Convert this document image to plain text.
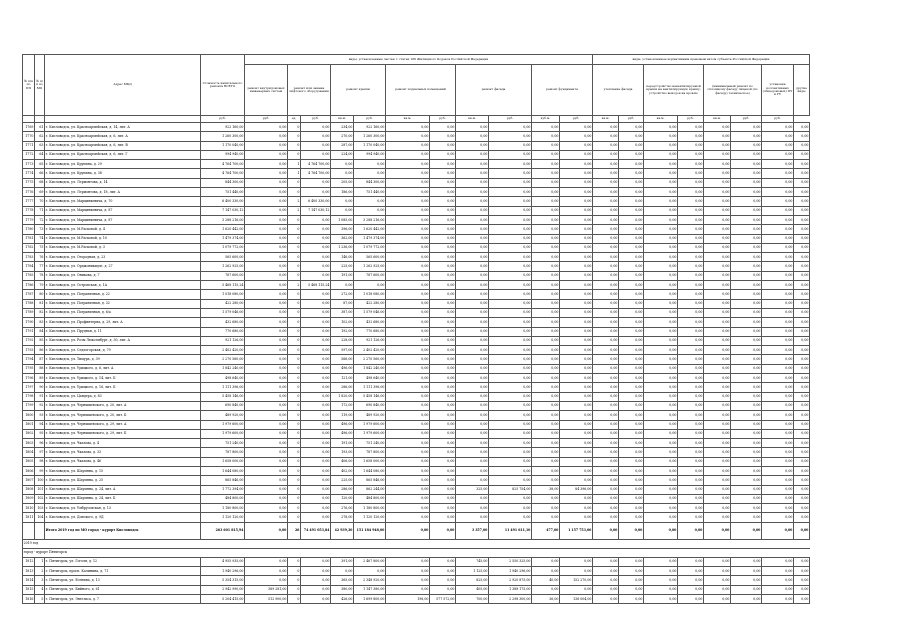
№ п/п по ПП	№ п/п по МО	Адрес МКД	Стоимость капитального ремонта ВСЕГО	виды, установленные частью 1 статьи 166 Жилищного Кодекса Российской Федерации											виды, установленные нормативным правовым актом субъекта Российской Федерации							
				ремонт внутридомовых инженерных систем	ремонт или замена лифтового оборудования		ремонт крыши		ремонт подвальных помещений		ремонт фасада		ремонт фундамента		утепление фасада		переустройство невентилируемой крыши на вентилируемую крышу, устройство выходов на кровлю		(минимальный ремонт по сплошному фасаду лицевой (по фасаду) техническое)		установка коллективных (общедомовых) ПУ и УУ	другие виды
			руб.	руб.	ед.	руб.	кв.м.	руб.	кв.м.	руб.	кв.м.	руб.	куб.м.	руб.	кв.м.	руб.	кв.м.	руб.	кв.м.	руб.	руб.	
1769	61	г. Кисловодск, ул. Красноармейская, д. 14, лит. А	922 160,00	0,00	0	0,00	234,00	922 160,00	0,00	0,00	0,00	0,00	0,00	0,00	0,00	0,00	0,00	0,00	0,00	0,00	0,00	0,00
1770	62	г. Кисловодск, ул. Красноармейская, д. 6, лит. А	1 260 300,00	0,00	0	0,00	270,00	1 260 300,00	0,00	0,00	0,00	0,00	0,00	0,00	0,00	0,00	0,00	0,00	0,00	0,00	0,00	0,00
1771	63	г. Кисловодск, ул. Красноармейская, д. 6, лит. В	1 170 040,00	0,00	0	0,00	287,00	1 170 040,00	0,00	0,00	0,00	0,00	0,00	0,00	0,00	0,00	0,00	0,00	0,00	0,00	0,00	0,00
1772	64	г. Кисловодск, ул. Красноармейская, д. 6, лит. Г	994 940,00	0,00	0	0,00	224,00	994 940,00	0,00	0,00	0,00	0,00	0,00	0,00	0,00	0,00	0,00	0,00	0,00	0,00	0,00	0,00
1773	65	г. Кисловодск, ул. Крупина, д. 29	4 764 700,00	0,00	1	4 764 700,00	0,00	0,00	0,00	0,00	0,00	0,00	0,00	0,00	0,00	0,00	0,00	0,00	0,00	0,00	0,00	0,00
1774	66	г. Кисловодск, ул. Крупина, д. 38	4 764 700,00	0,00	1	4 764 700,00	0,00	0,00	0,00	0,00	0,00	0,00	0,00	0,00	0,00	0,00	0,00	0,00	0,00	0,00	0,00	0,00
1775	68	г. Кисловодск, ул. Лермонтова, д. 14	844 300,00	0,00	0	0,00	205,00	844 300,00	0,00	0,00	0,00	0,00	0,00	0,00	0,00	0,00	0,00	0,00	0,00	0,00	0,00	0,00
1776	69	г. Кисловодск, ул. Лермонтова, д. 18, лит. А	751 440,00	0,00	0	0,00	186,00	751 440,00	0,00	0,00	0,00	0,00	0,00	0,00	0,00	0,00	0,00	0,00	0,00	0,00	0,00	0,00
1777	70	г. Кисловодск, ул. Марцинкевича, д. 70	6 400 330,00	0,00	2	6 400 330,00	0,00	0,00	0,00	0,00	0,00	0,00	0,00	0,00	0,00	0,00	0,00	0,00	0,00	0,00	0,00	0,00
1778	71	г. Кисловодск, ул. Марцинкевича, д. 87	7 147 030,12	0,00	2	7 147 030,12	0,00	0,00	0,00	0,00	0,00	0,00	0,00	0,00	0,00	0,00	0,00	0,00	0,00	0,00	0,00	0,00
1779	72	г. Кисловодск, ул. Марцинкевича, д. 87	3 288 216,00	0,00	0	0,00	1 085,00	3 288 216,00	0,00	0,00	0,00	0,00	0,00	0,00	0,00	0,00	0,00	0,00	0,00	0,00	0,00	0,00
1780	73	г. Кисловодск, ул. М.Расковой, д. 4	1 620 442,00	0,00	0	0,00	396,00	1 620 442,00	0,00	0,00	0,00	0,00	0,00	0,00	0,00	0,00	0,00	0,00	0,00	0,00	0,00	0,00
1781	74	г. Кисловодск, ул. М.Расковой, д. 10	1 479 374,00	0,00	0	0,00	362,00	1 479 374,00	0,00	0,00	0,00	0,00	0,00	0,00	0,00	0,00	0,00	0,00	0,00	0,00	0,00	0,00
1782	75	г. Кисловодск, ул. М.Расковой, д. 3	1 079 772,00	0,00	0	0,00	1 236,00	1 079 772,00	0,00	0,00	0,00	0,00	0,00	0,00	0,00	0,00	0,00	0,00	0,00	0,00	0,00	0,00
1783	76	г. Кисловодск, ул. Огородная, д. 23	565 600,00	0,00	0	0,00	146,00	565 600,00	0,00	0,00	0,00	0,00	0,00	0,00	0,00	0,00	0,00	0,00	0,00	0,00	0,00	0,00
1784	77	г. Кисловодск, ул. Орджоникидзе, д. 27	1 262 925,00	0,00	0	0,00	225,00	1 262 925,00	0,00	0,00	0,00	0,00	0,00	0,00	0,00	0,00	0,00	0,00	0,00	0,00	0,00	0,00
1785	78	г. Кисловодск, ул. Оникова, д. 7	787 600,00	0,00	0	0,00	191,00	787 600,00	0,00	0,00	0,00	0,00	0,00	0,00	0,00	0,00	0,00	0,00	0,00	0,00	0,00	0,00
1786	79	г. Кисловодск, ул. Островская, д. 1А	5 468 115,24	0,00	2	5 468 115,24	0,00	0,00	0,00	0,00	0,00	0,00	0,00	0,00	0,00	0,00	0,00	0,00	0,00	0,00	0,00	0,00
1787	80	г. Кисловодск, ул. Пограничная, д. 22	1 018 080,00	0,00	0	0,00	272,00	1 018 080,00	0,00	0,00	0,00	0,00	0,00	0,00	0,00	0,00	0,00	0,00	0,00	0,00	0,00	0,00
1788	81	г. Кисловодск, ул. Пограничная, д. 32	422 280,00	0,00	0	0,00	87,00	422 280,00	0,00	0,00	0,00	0,00	0,00	0,00	0,00	0,00	0,00	0,00	0,00	0,00	0,00	0,00
1789	82	г. Кисловодск, ул. Пограничная, д. 6/a	1 579 046,00	0,00	0	0,00	387,00	1 579 046,00	0,00	0,00	0,00	0,00	0,00	0,00	0,00	0,00	0,00	0,00	0,00	0,00	0,00	0,00
1790	83	г. Кисловодск, ул. Профинтерна, д. 29, лит. А	432 680,00	0,00	0	0,00	102,00	432 680,00	0,00	0,00	0,00	0,00	0,00	0,00	0,00	0,00	0,00	0,00	0,00	0,00	0,00	0,00
1791	84	г. Кисловодск, ул. Прудная, д. 11	770 680,00	0,00	0	0,00	192,00	770 680,00	0,00	0,00	0,00	0,00	0,00	0,00	0,00	0,00	0,00	0,00	0,00	0,00	0,00	0,00
1792	85	г. Кисловодск, ул. Розы Люксембург, д. 30, лит. А	921 126,00	0,00	0	0,00	228,00	921 126,00	0,00	0,00	0,00	0,00	0,00	0,00	0,00	0,00	0,00	0,00	0,00	0,00	0,00	0,00
1793	86	г. Кисловодск, ул. Седлогорская, д. 79	2 402 420,00	0,00	0	0,00	597,00	2 402 420,00	0,00	0,00	0,00	0,00	0,00	0,00	0,00	0,00	0,00	0,00	0,00	0,00	0,00	0,00
1794	87	г. Кисловодск, ул. Тимура, д. 39	2 270 560,00	0,00	0	0,00	566,00	2 270 560,00	0,00	0,00	0,00	0,00	0,00	0,00	0,00	0,00	0,00	0,00	0,00	0,00	0,00	0,00
1795	88	г. Кисловодск, ул. Урицкого, д. 6, лит. А	1 842 240,00	0,00	0	0,00	496,00	1 842 240,00	0,00	0,00	0,00	0,00	0,00	0,00	0,00	0,00	0,00	0,00	0,00	0,00	0,00	0,00
1796	89	г. Кисловодск, ул. Урицкого, д. 14, лит. Б	498 640,00	0,00	0	0,00	121,00	498 640,00	0,00	0,00	0,00	0,00	0,00	0,00	0,00	0,00	0,00	0,00	0,00	0,00	0,00	0,00
1797	90	г. Кисловодск, ул. Урицкого, д. 16, лит. Б	1 111 396,00	0,00	0	0,00	286,00	1 111 396,00	0,00	0,00	0,00	0,00	0,00	0,00	0,00	0,00	0,00	0,00	0,00	0,00	0,00	0,00
1798	91	г. Кисловодск, ул. Цандера, д. 83	5 458 146,00	0,00	0	0,00	1 820,00	5 458 146,00	0,00	0,00	0,00	0,00	0,00	0,00	0,00	0,00	0,00	0,00	0,00	0,00	0,00	0,00
1799	92	г. Кисловодск, ул. Чернышевского, д. 20, лит. А	690 840,00	0,00	0	0,00	172,00	690 840,00	0,00	0,00	0,00	0,00	0,00	0,00	0,00	0,00	0,00	0,00	0,00	0,00	0,00	0,00
1800	93	г. Кисловодск, ул. Чернышевского, д. 20, лит. Б	489 920,00	0,00	0	0,00	119,00	489 920,00	0,00	0,00	0,00	0,00	0,00	0,00	0,00	0,00	0,00	0,00	0,00	0,00	0,00	0,00
1801	94	г. Кисловодск, ул. Чернышевского, д. 29, лит. А	1 979 600,00	0,00	0	0,00	496,00	1 979 600,00	0,00	0,00	0,00	0,00	0,00	0,00	0,00	0,00	0,00	0,00	0,00	0,00	0,00	0,00
1802	95	г. Кисловодск, ул. Чернышевского, д. 29, лит. Б	1 979 600,00	0,00	0	0,00	496,00	1 979 600,00	0,00	0,00	0,00	0,00	0,00	0,00	0,00	0,00	0,00	0,00	0,00	0,00	0,00	0,00
1803	96	г. Кисловодск, ул. Чкалова, д. 4	751 240,00	0,00	0	0,00	191,00	751 240,00	0,00	0,00	0,00	0,00	0,00	0,00	0,00	0,00	0,00	0,00	0,00	0,00	0,00	0,00
1804	97	г. Кисловодск, ул. Чкалова, д. 33	787 800,00	0,00	0	0,00	193,00	787 800,00	0,00	0,00	0,00	0,00	0,00	0,00	0,00	0,00	0,00	0,00	0,00	0,00	0,00	0,00
1805	98	г. Кисловодск, ул. Чкалова, д. 46	1 658 000,00	0,00	0	0,00	406,00	1 658 000,00	0,00	0,00	0,00	0,00	0,00	0,00	0,00	0,00	0,00	0,00	0,00	0,00	0,00	0,00
1806	99	г. Кисловодск, ул. Шаумяна, д. 15	1 644 080,00	0,00	0	0,00	402,00	1 644 080,00	0,00	0,00	0,00	0,00	0,00	0,00	0,00	0,00	0,00	0,00	0,00	0,00	0,00	0,00
1807	100	г. Кисловодск, ул. Шаумяна, д. 25	865 846,00	0,00	0	0,00	225,00	865 846,00	0,00	0,00	0,00	0,00	0,00	0,00	0,00	0,00	0,00	0,00	0,00	0,00	0,00	0,00
1808	101	г. Кисловодск, ул. Шаумяна, д. 24, лит. А	1 772 394,00	0,00	0	0,00	286,00	862 244,00	0,00	0,00	325,00	825 754,00	38,00	84 396,00	0,00	0,00	0,00	0,00	0,00	0,00	0,00	0,00
1809	102	г. Кисловодск, ул. Шаумяна, д. 24, лит. Б	484 800,00	0,00	0	0,00	120,00	484 800,00	0,00	0,00	0,00	0,00	0,00	0,00	0,00	0,00	0,00	0,00	0,00	0,00	0,00	0,00
1810	103	г. Кисловодск, ул. Умбрусовская, д. 13	1 180 800,00	0,00	0	0,00	276,00	1 180 800,00	0,00	0,00	0,00	0,00	0,00	0,00	0,00	0,00	0,00	0,00	0,00	0,00	0,00	0,00
1811	104	г. Кисловодск, ул. Донского, д. 9Д	1 120 120,00	0,00	0	0,00	278,00	1 120 120,00	0,00	0,00	0,00	0,00	0,00	0,00	0,00	0,00	0,00	0,00	0,00	0,00	0,00	0,00
		Итого 2019 год по МО город - курорт Кисловодск	263 601 815,94	0,00	26	74 491 053,84	42 939,30	151 184 948,00	0,00	0,00	3 357,00	11 491 611,10	477,00	1 157 753,00	0,00	0,00	0,00	0,00	0,00	0,00	0,00	0,00
2019 год																						
город - курорт Пятигорск																						
1812	1	г. Пятигорск, ул. Гоголя, д. 12	4 955 935,00	0,00	0	0,00	391,00	2 467 800,00	0,00	0,00	745,00	2 550 325,00	0,00	0,00	0,00	0,00	0,00	0,00	0,00	0,00	0,00	0,00
1813	2	г. Пятигорск, просп. Калинина, д. 71	1 940 296,00	0,00	0	0,00	0,00	0,00	0,00	0,00	1 125,00	1 940 296,00	0,00	0,00	0,00	0,00	0,00	0,00	0,00	0,00	0,00	0,00
1814	3	г. Пятигорск, ул. Есенина, д. 13	5 354 315,00	0,00	0	0,00	365,00	2 348 920,00	0,00	0,00	825,00	2 920 875,00	40,00	152 270,00	0,00	0,00	0,00	0,00	0,00	0,00	0,00	0,00
1815	4	г. Пятигорск, ул. Бийного, д. 61	2 942 990,00	389 281,00	0	0,00	380,00	1 147 380,00	0,00	0,00	405,00	1 388 175,00	0,00	0,00	0,00	0,00	0,00	0,00	0,00	0,00	0,00	0,00
1816	5	г. Пятигорск, ул. Энгельса, д. 7	5 204 415,00	512 900,00	0	0,00	426,00	1 699 800,00	198,00	577 572,00	700,00	2 298 300,00	36,00	136 004,00	0,00	0,00	0,00	0,00	0,00	0,00	0,00	0,00
